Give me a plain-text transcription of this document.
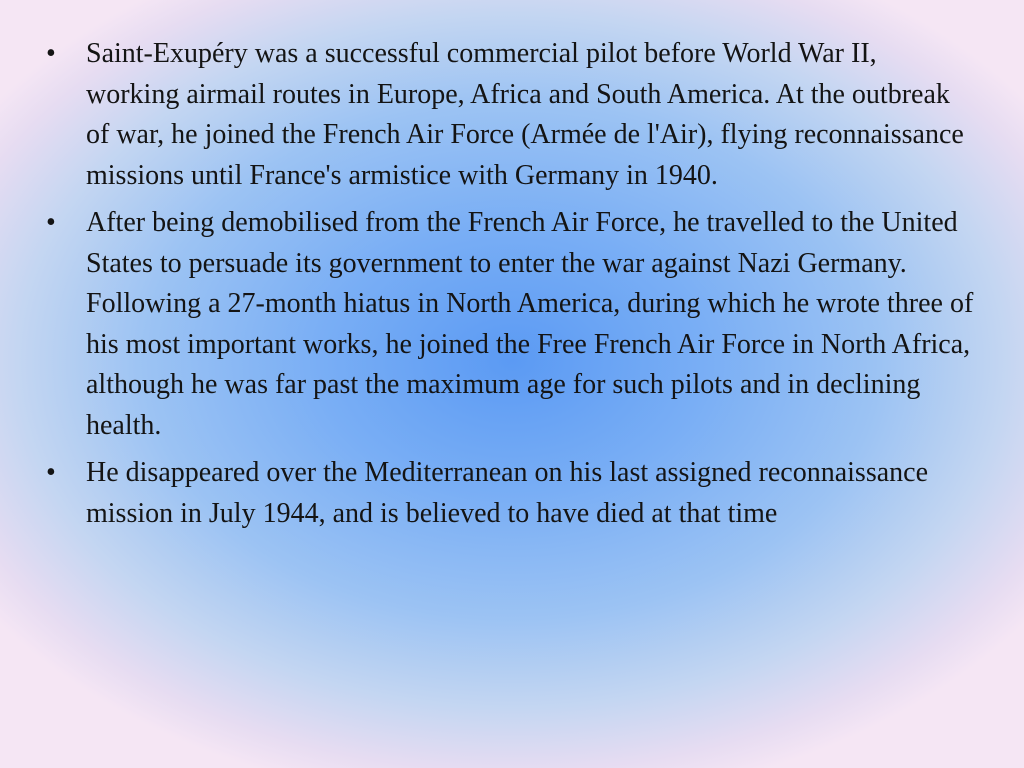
•	Saint-Exupéry was a successful commercial pilot before World War II, working airmail routes in Europe, Africa and South America. At the outbreak of war, he joined the French Air Force (Armée de l'Air), flying reconnaissance missions until France's armistice with Germany in 1940.
•	After being demobilised from the French Air Force, he travelled to the United States to persuade its government to enter the war against Nazi Germany. Following a 27-month hiatus in North America, during which he wrote three of his most important works, he joined the Free French Air Force in North Africa, although he was far past the maximum age for such pilots and in declining health.
•	He disappeared over the Mediterranean on his last assigned reconnaissance mission in July 1944, and is believed to have died at that time
